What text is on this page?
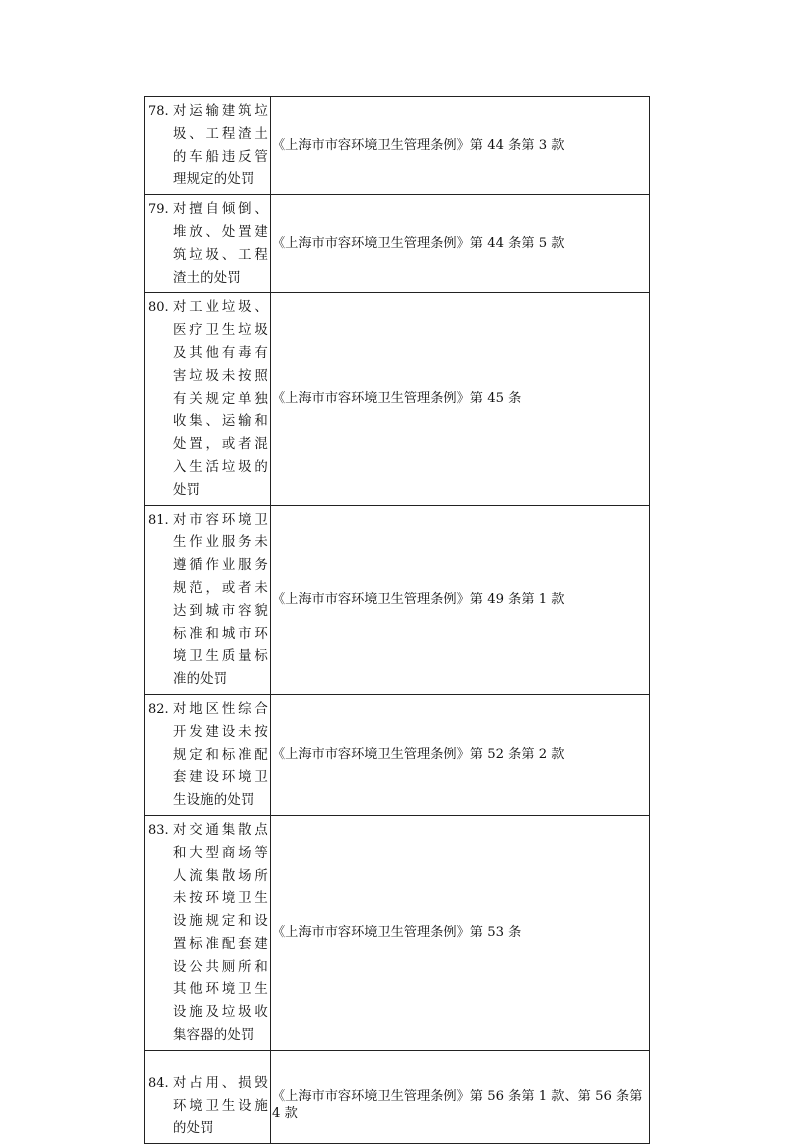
78. 对运输建筑垃圾、工程渣土的车船违反管理规定的处罚	《上海市市容环境卫生管理条例》第 44 条第 3 款

79. 对擅自倾倒、堆放、处置建筑垃圾、工程渣土的处罚	《上海市市容环境卫生管理条例》第 44 条第 5 款

80. 对工业垃圾、医疗卫生垃圾及其他有毒有害垃圾未按照有关规定单独收集、运输和处置，或者混入生活垃圾的处罚	《上海市市容环境卫生管理条例》第 45 条

81. 对市容环境卫生作业服务未遵循作业服务规范，或者未达到城市容貌标准和城市环境卫生质量标准的处罚	《上海市市容环境卫生管理条例》第 49 条第 1 款

82. 对地区性综合开发建设未按规定和标准配套建设环境卫生设施的处罚	《上海市市容环境卫生管理条例》第 52 条第 2 款

83. 对交通集散点和大型商场等人流集散场所未按环境卫生设施规定和设置标准配套建设公共厕所和其他环境卫生设施及垃圾收集容器的处罚	《上海市市容环境卫生管理条例》第 53 条

84. 对占用、损毁环境卫生设施的处罚	《上海市市容环境卫生管理条例》第 56 条第 1 款、第 56 条第 4 款
